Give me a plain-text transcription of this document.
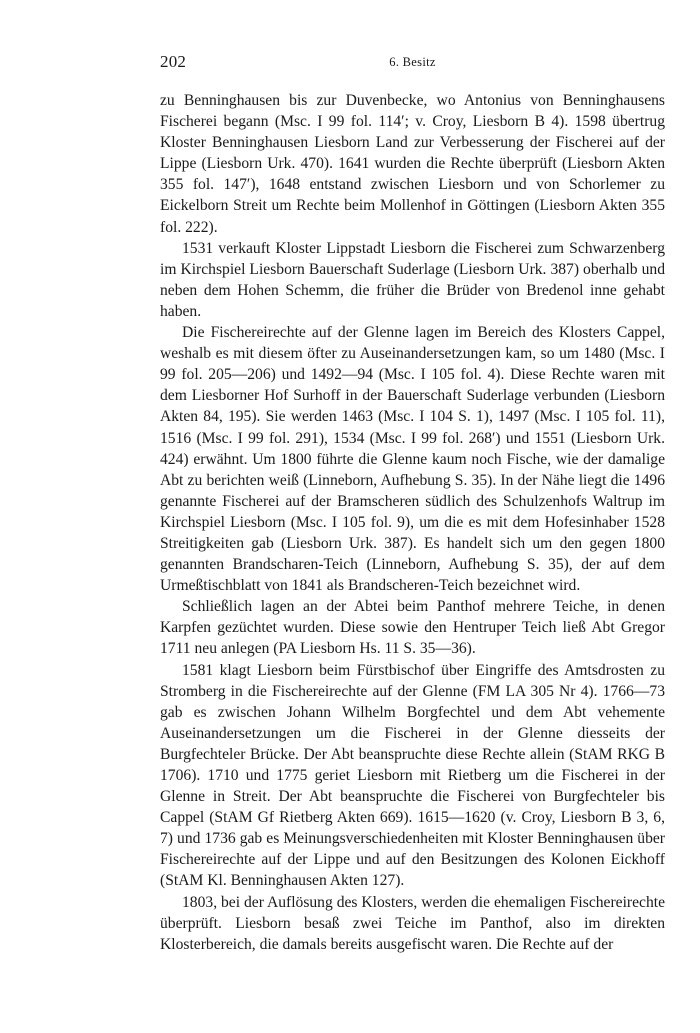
202	6. Besitz

zu Benninghausen bis zur Duvenbecke, wo Antonius von Benninghausens Fischerei begann (Msc. I 99 fol. 114′; v. Croy, Liesborn B 4). 1598 übertrug Kloster Benninghausen Liesborn Land zur Verbesserung der Fischerei auf der Lippe (Liesborn Urk. 470). 1641 wurden die Rechte überprüft (Liesborn Akten 355 fol. 147′), 1648 entstand zwischen Liesborn und von Schorlemer zu Eickelborn Streit um Rechte beim Mollenhof in Göttingen (Liesborn Akten 355 fol. 222).

1531 verkauft Kloster Lippstadt Liesborn die Fischerei zum Schwarzenberg im Kirchspiel Liesborn Bauerschaft Suderlage (Liesborn Urk. 387) oberhalb und neben dem Hohen Schemm, die früher die Brüder von Bredenol inne gehabt haben.

Die Fischereirechte auf der Glenne lagen im Bereich des Klosters Cappel, weshalb es mit diesem öfter zu Auseinandersetzungen kam, so um 1480 (Msc. I 99 fol. 205—206) und 1492—94 (Msc. I 105 fol. 4). Diese Rechte waren mit dem Liesborner Hof Surhoff in der Bauerschaft Suderlage verbunden (Liesborn Akten 84, 195). Sie werden 1463 (Msc. I 104 S. 1), 1497 (Msc. I 105 fol. 11), 1516 (Msc. I 99 fol. 291), 1534 (Msc. I 99 fol. 268′) und 1551 (Liesborn Urk. 424) erwähnt. Um 1800 führte die Glenne kaum noch Fische, wie der damalige Abt zu berichten weiß (Linneborn, Aufhebung S. 35). In der Nähe liegt die 1496 genannte Fischerei auf der Bramscheren südlich des Schulzenhofs Waltrup im Kirchspiel Liesborn (Msc. I 105 fol. 9), um die es mit dem Hofesinhaber 1528 Streitigkeiten gab (Liesborn Urk. 387). Es handelt sich um den gegen 1800 genannten Brandscharen-Teich (Linneborn, Aufhebung S. 35), der auf dem Urmeßtischblatt von 1841 als Brandscheren-Teich bezeichnet wird.

Schließlich lagen an der Abtei beim Panthof mehrere Teiche, in denen Karpfen gezüchtet wurden. Diese sowie den Hentruper Teich ließ Abt Gregor 1711 neu anlegen (PA Liesborn Hs. 11 S. 35—36).

1581 klagt Liesborn beim Fürstbischof über Eingriffe des Amtsdrosten zu Stromberg in die Fischereirechte auf der Glenne (FM LA 305 Nr 4). 1766—73 gab es zwischen Johann Wilhelm Borgfechtel und dem Abt vehemente Auseinandersetzungen um die Fischerei in der Glenne diesseits der Burgfechteler Brücke. Der Abt beanspruchte diese Rechte allein (StAM RKG B 1706). 1710 und 1775 geriet Liesborn mit Rietberg um die Fischerei in der Glenne in Streit. Der Abt beanspruchte die Fischerei von Burgfechteler bis Cappel (StAM Gf Rietberg Akten 669). 1615—1620 (v. Croy, Liesborn B 3, 6, 7) und 1736 gab es Meinungsverschiedenheiten mit Kloster Benninghausen über Fischereirechte auf der Lippe und auf den Besitzungen des Kolonen Eickhoff (StAM Kl. Benninghausen Akten 127).

1803, bei der Auflösung des Klosters, werden die ehemaligen Fischereirechte überprüft. Liesborn besaß zwei Teiche im Panthof, also im direkten Klosterbereich, die damals bereits ausgefischt waren. Die Rechte auf der
